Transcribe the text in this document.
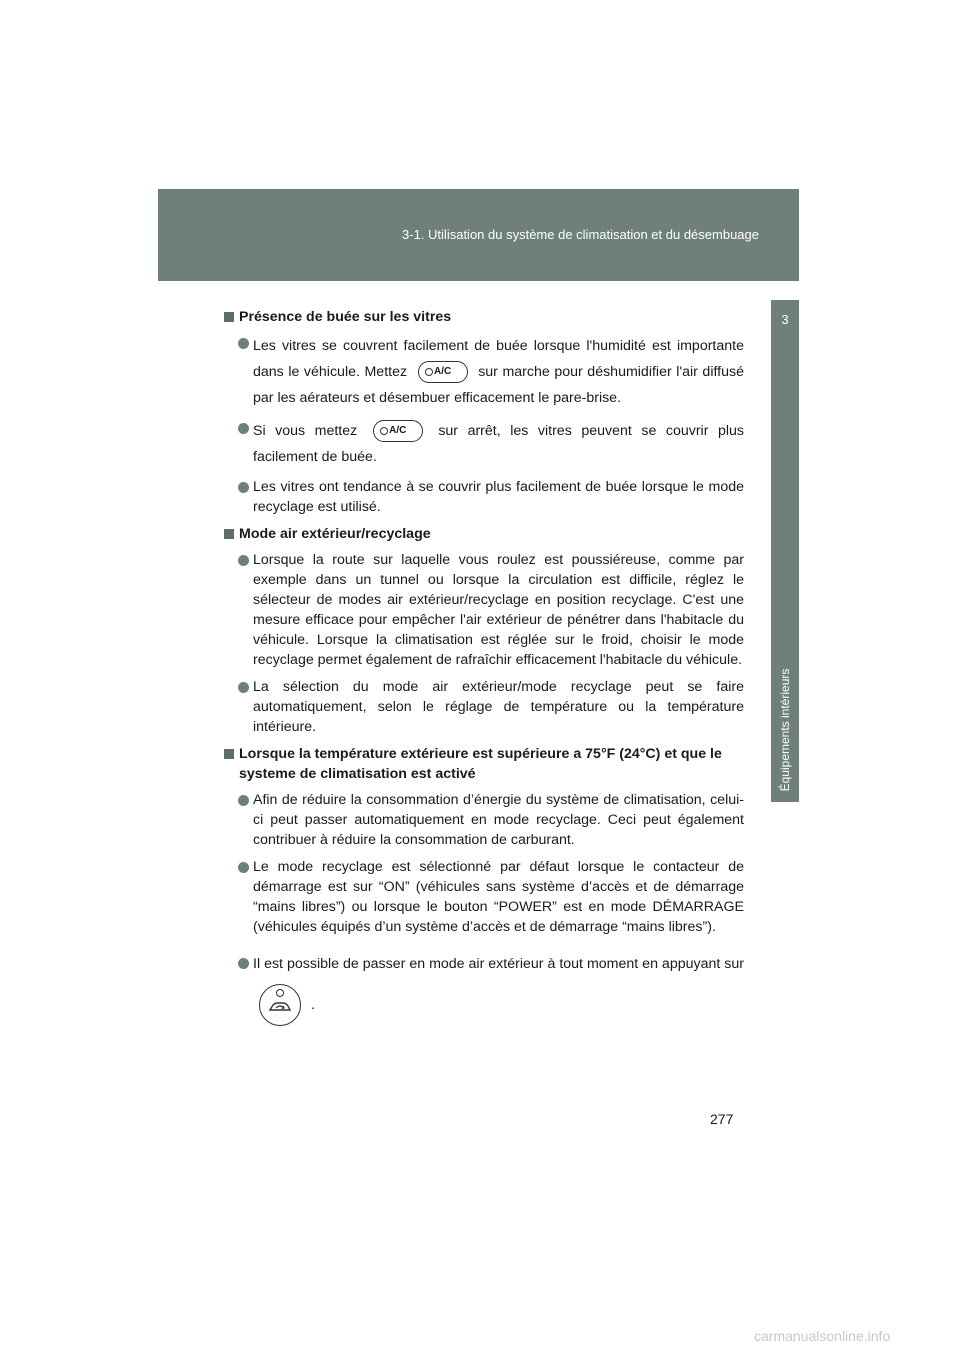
3-1. Utilisation du système de climatisation et du désembuage
3
Équipements intérieurs
Présence de buée sur les vitres
Les vitres se couvrent facilement de buée lorsque l'humidité est importante dans le véhicule. Mettez	A/C sur marche pour déshumidifier l'air diffusé par les aérateurs et désembuer efficacement le pare-brise.
Si vous mettez	A/C sur arrêt, les vitres peuvent se couvrir plus facilement de buée.
Les vitres ont tendance à se couvrir plus facilement de buée lorsque le mode recyclage est utilisé.
Mode air extérieur/recyclage
Lorsque la route sur laquelle vous roulez est poussiéreuse, comme par exemple dans un tunnel ou lorsque la circulation est difficile, réglez le sélecteur de modes air extérieur/recyclage en position recyclage. C'est une mesure efficace pour empêcher l'air extérieur de pénétrer dans l'habitacle du véhicule. Lorsque la climatisation est réglée sur le froid, choisir le mode recyclage permet également de rafraîchir efficacement l'habitacle du véhicule.
La sélection du mode air extérieur/mode recyclage peut se faire automatiquement, selon le réglage de température ou la température intérieure.
Lorsque la température extérieure est supérieure a 75°F (24°C) et que le systeme de climatisation est activé
Afin de réduire la consommation d’énergie du système de climatisation, celui-ci peut passer automatiquement en mode recyclage. Ceci peut également contribuer à réduire la consommation de carburant.
Le mode recyclage est sélectionné par défaut lorsque le contacteur de démarrage est sur “ON” (véhicules sans système d’accès et de démarrage “mains libres”) ou lorsque le bouton “POWER” est en mode DÉMARRAGE (véhicules équipés d’un système d’accès et de démarrage “mains libres”).
Il est possible de passer en mode air extérieur à tout moment en appuyant sur
.
277
carmanualsonline.info
